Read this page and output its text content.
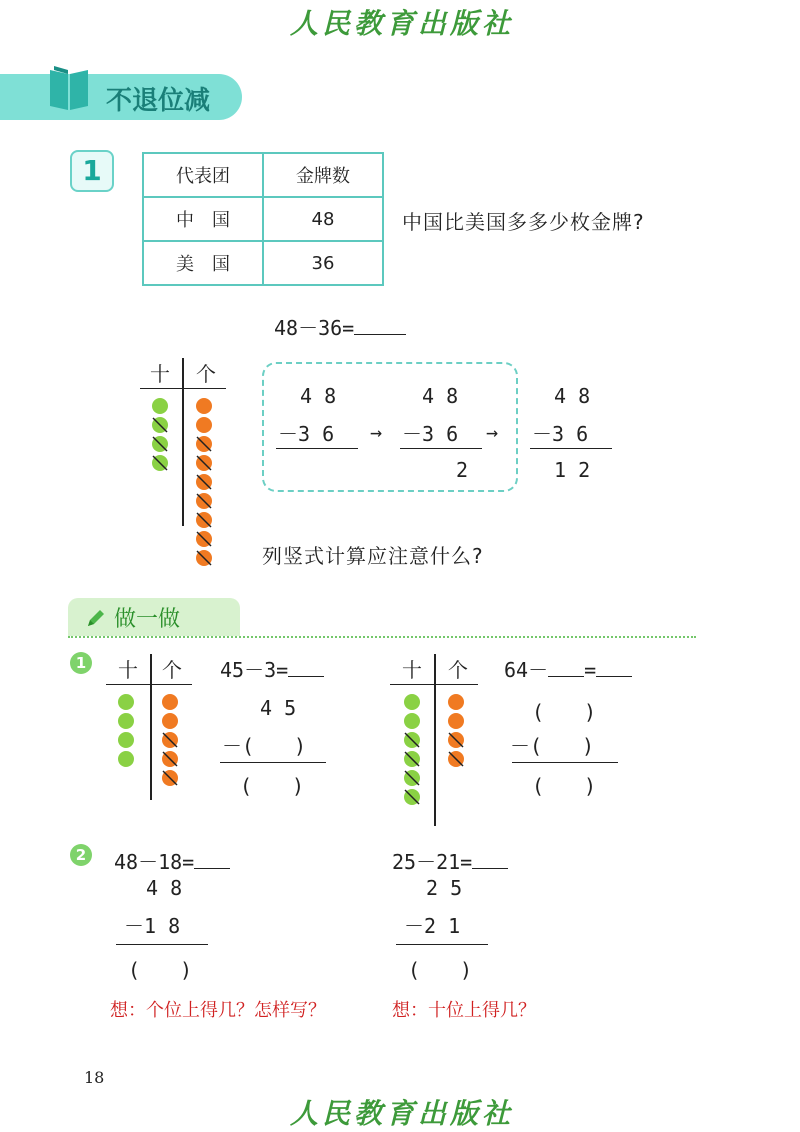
人民教育出版社
不退位减
1	代表团	金牌数
中　国	48
美　国	36
中国比美国多多少枚金牌?
48－36=
十 个
4 8
－3 6 →
4 8
－3 6
2
→
4 8
－3 6
1 2
列竖式计算应注意什么?
做一做
1 十 个 45－3=
4 5
－(　　)
(　　)
十 个 64－ =
(　　)
－(　　)
(　　)
2 48－18=
4 8
－1 8
(　　)
想：个位上得几？怎样写？
25－21=
2 5
－2 1
(　　)
想：十位上得几？
18
人民教育出版社
